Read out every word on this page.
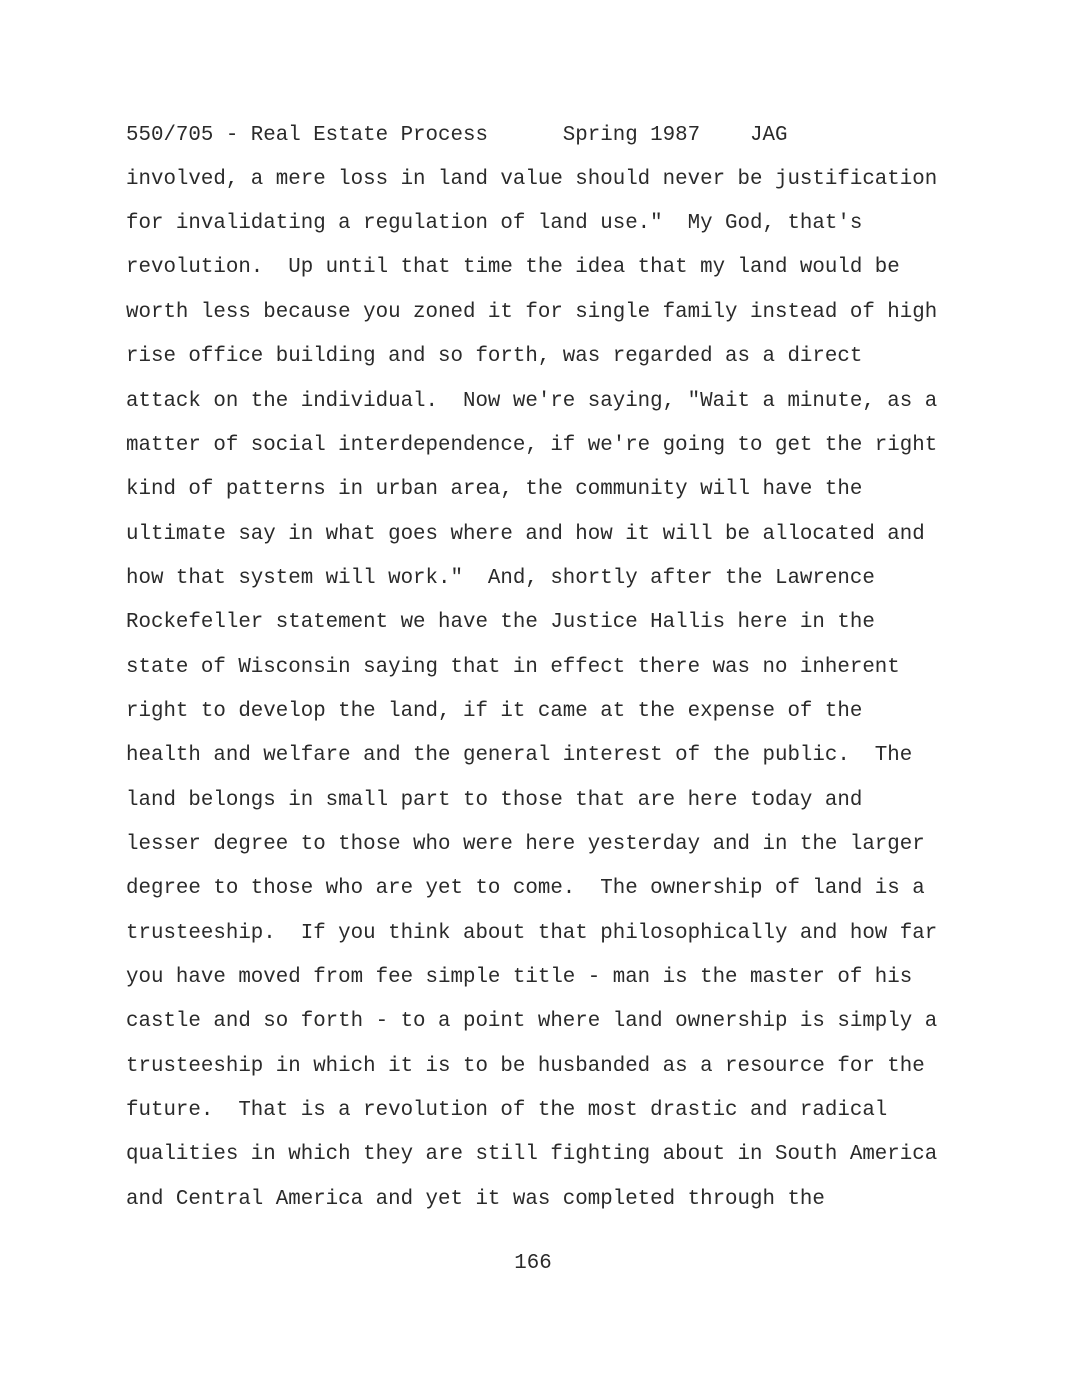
550/705 - Real Estate Process      Spring 1987    JAG
involved, a mere loss in land value should never be justification
for invalidating a regulation of land use."  My God, that's
revolution.  Up until that time the idea that my land would be
worth less because you zoned it for single family instead of high
rise office building and so forth, was regarded as a direct
attack on the individual.  Now we're saying, "Wait a minute, as a
matter of social interdependence, if we're going to get the right
kind of patterns in urban area, the community will have the
ultimate say in what goes where and how it will be allocated and
how that system will work."  And, shortly after the Lawrence
Rockefeller statement we have the Justice Hallis here in the
state of Wisconsin saying that in effect there was no inherent
right to develop the land, if it came at the expense of the
health and welfare and the general interest of the public.  The
land belongs in small part to those that are here today and
lesser degree to those who were here yesterday and in the larger
degree to those who are yet to come.  The ownership of land is a
trusteeship.  If you think about that philosophically and how far
you have moved from fee simple title - man is the master of his
castle and so forth - to a point where land ownership is simply a
trusteeship in which it is to be husbanded as a resource for the
future.  That is a revolution of the most drastic and radical
qualities in which they are still fighting about in South America
and Central America and yet it was completed through the
166
